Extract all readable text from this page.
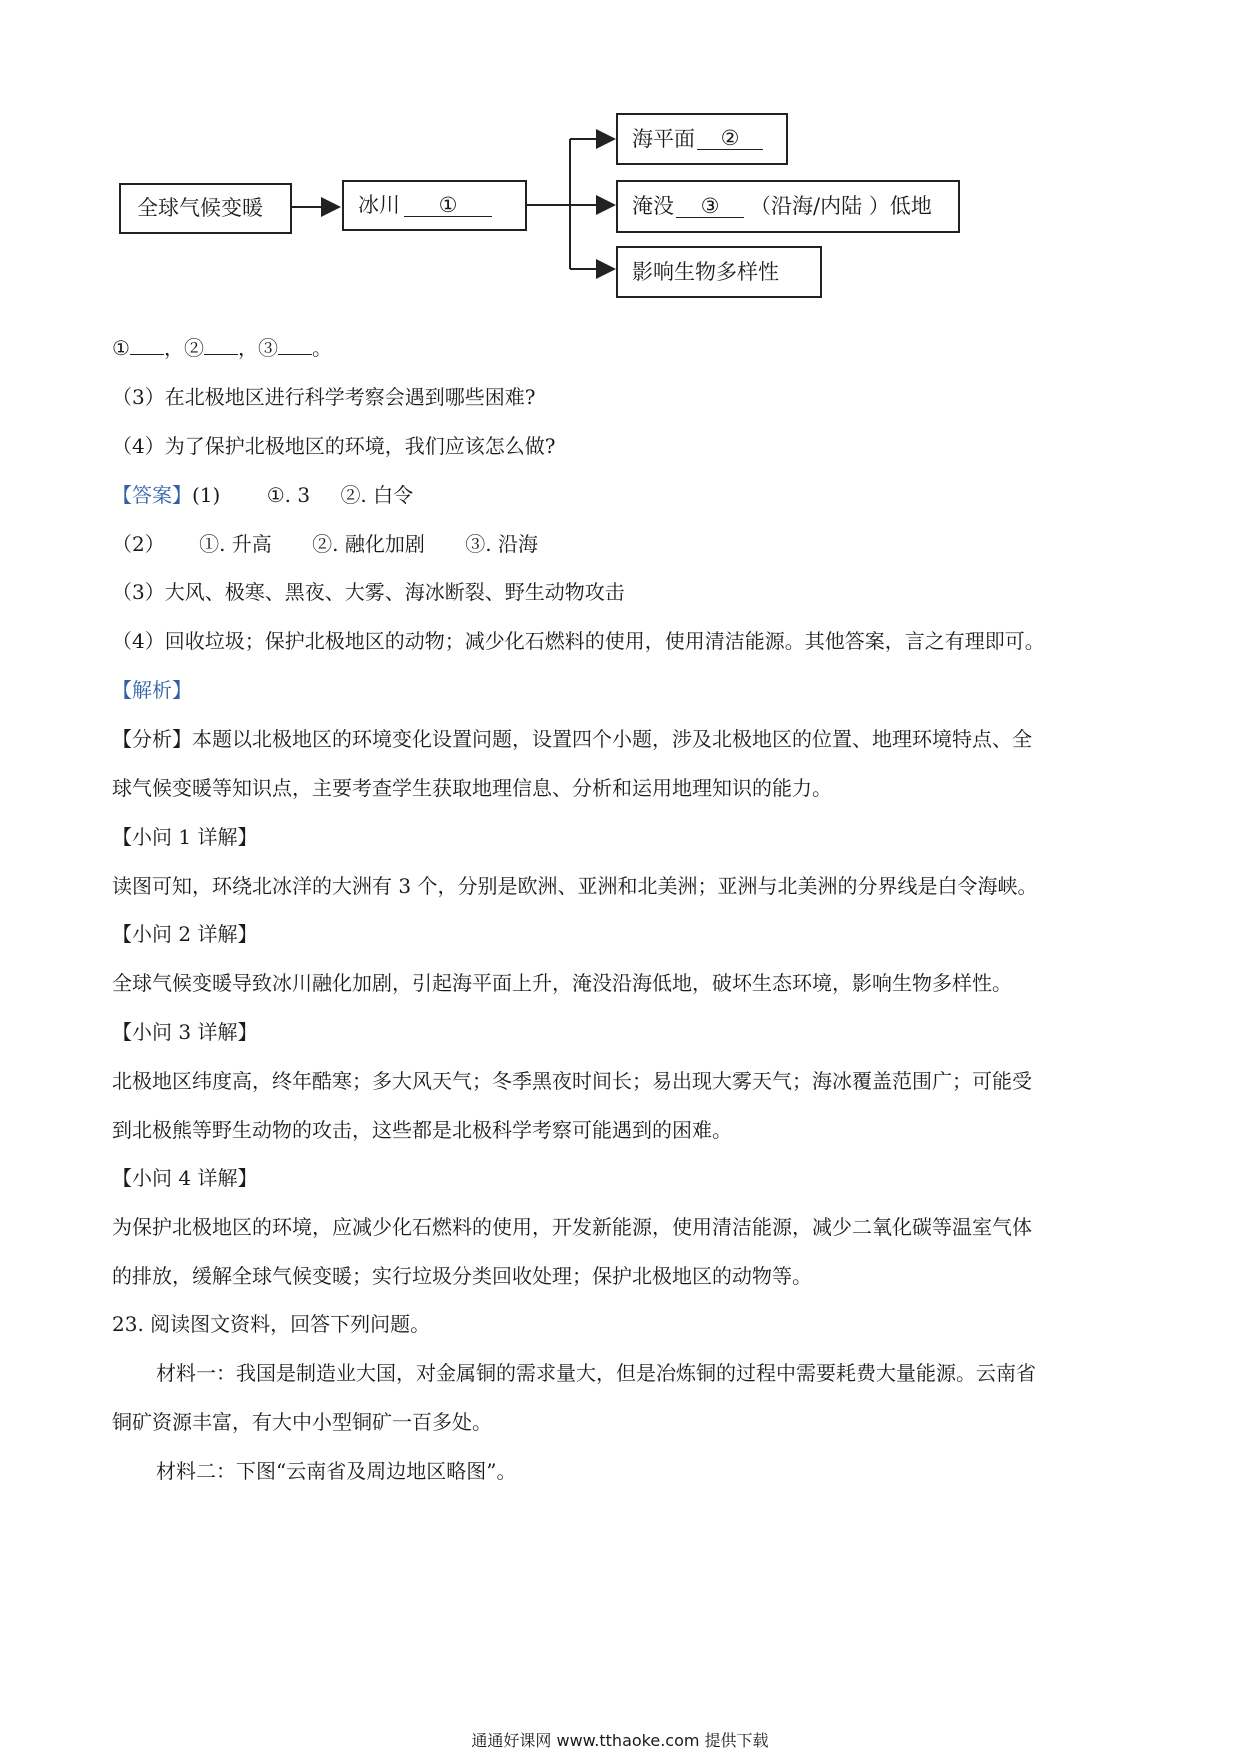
全球气候变暖	冰川	①
海平面	②
淹没	③	（沿海/内陆 ）低地
影响生物多样性
① ，② ，③ 。
（3）在北极地区进行科学考察会遇到哪些困难?
（4）为了保护北极地区的环境，我们应该怎么做?
【答案】(1) ①. 3 ②. 白令
（2） ①. 升高 ②. 融化加剧 ③. 沿海
（3）大风、极寒、黑夜、大雾、海冰断裂、野生动物攻击
（4）回收垃圾；保护北极地区的动物；减少化石燃料的使用，使用清洁能源。其他答案，言之有理即可。
【解析】
【分析】本题以北极地区的环境变化设置问题，设置四个小题，涉及北极地区的位置、地理环境特点、全
球气候变暖等知识点，主要考查学生获取地理信息、分析和运用地理知识的能力。
【小问 1 详解】
读图可知，环绕北冰洋的大洲有 3 个，分别是欧洲、亚洲和北美洲；亚洲与北美洲的分界线是白令海峡。
【小问 2 详解】
全球气候变暖导致冰川融化加剧，引起海平面上升，淹没沿海低地，破坏生态环境，影响生物多样性。
【小问 3 详解】
北极地区纬度高，终年酷寒；多大风天气；冬季黑夜时间长；易出现大雾天气；海冰覆盖范围广；可能受
到北极熊等野生动物的攻击，这些都是北极科学考察可能遇到的困难。
【小问 4 详解】
为保护北极地区的环境，应减少化石燃料的使用，开发新能源，使用清洁能源，减少二氧化碳等温室气体
的排放，缓解全球气候变暖；实行垃圾分类回收处理；保护北极地区的动物等。
23. 阅读图文资料，回答下列问题。
材料一：我国是制造业大国，对金属铜的需求量大，但是冶炼铜的过程中需要耗费大量能源。云南省
铜矿资源丰富，有大中小型铜矿一百多处。
材料二：下图“云南省及周边地区略图”。
通通好课网 www.tthaoke.com 提供下载
